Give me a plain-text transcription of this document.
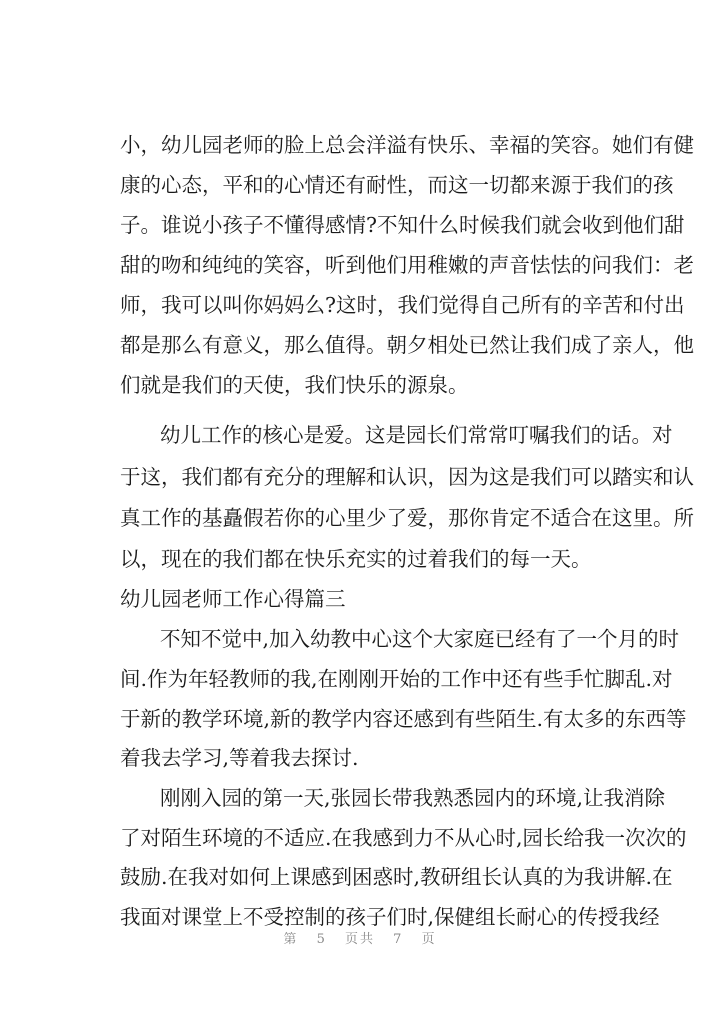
小，幼儿园老师的脸上总会洋溢有快乐、幸福的笑容。她们有健

康的心态，平和的心情还有耐性，而这一切都来源于我们的孩

子。谁说小孩子不懂得感情?不知什么时候我们就会收到他们甜

甜的吻和纯纯的笑容，听到他们用稚嫩的声音怯怯的问我们：老

师，我可以叫你妈妈么?这时，我们觉得自己所有的辛苦和付出

都是那么有意义，那么值得。朝夕相处已然让我们成了亲人，他

们就是我们的天使，我们快乐的源泉。

幼儿工作的核心是爱。这是园长们常常叮嘱我们的话。对

于这，我们都有充分的理解和认识，因为这是我们可以踏实和认

真工作的基矗假若你的心里少了爱，那你肯定不适合在这里。所

以，现在的我们都在快乐充实的过着我们的每一天。

幼儿园老师工作心得篇三

不知不觉中,加入幼教中心这个大家庭已经有了一个月的时

间.作为年轻教师的我,在刚刚开始的工作中还有些手忙脚乱.对

于新的教学环境,新的教学内容还感到有些陌生.有太多的东西等

着我去学习,等着我去探讨.

刚刚入园的第一天,张园长带我熟悉园内的环境,让我消除

了对陌生环境的不适应.在我感到力不从心时,园长给我一次次的

鼓励.在我对如何上课感到困惑时,教研组长认真的为我讲解.在

我面对课堂上不受控制的孩子们时,保健组长耐心的传授我经

第 5 页共 7 页
